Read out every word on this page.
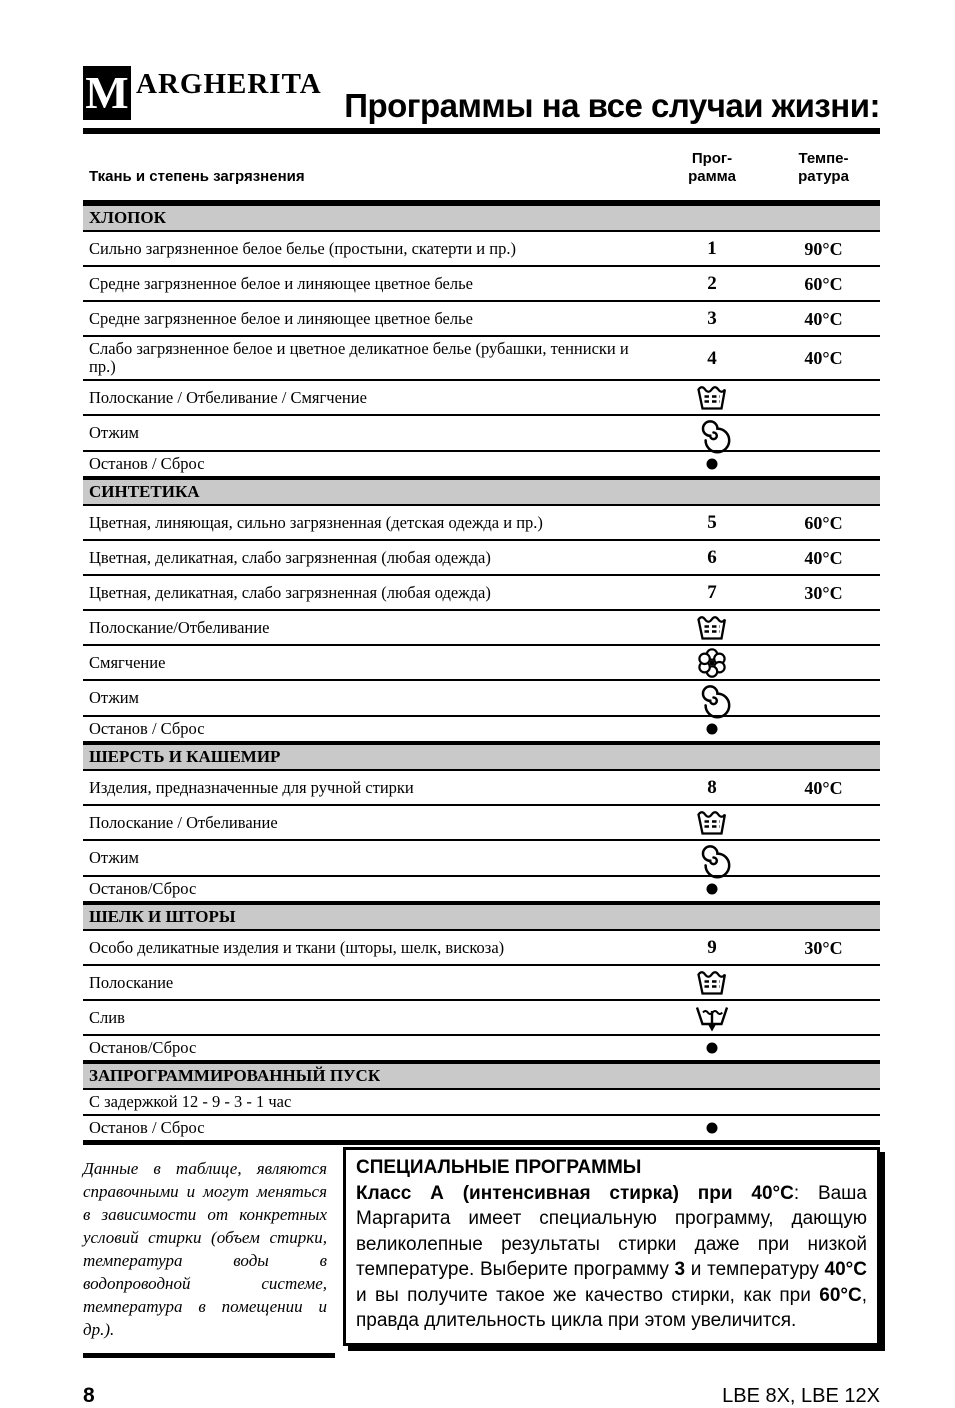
M ARGHERITA
Программы на все случаи жизни:
Ткань и степень загрязнения
Прог-
рамма
Темпе-
ратура
ХЛОПОК
Сильно загрязненное белое белье (простыни, скатерти и пр.)	1	90°C
Средне загрязненное белое и линяющее цветное белье	2	60°C
Средне загрязненное белое и линяющее цветное белье	3	40°C
Слабо загрязненное белое и цветное деликатное белье (рубашки, тенниски и пр.)	4	40°C
Полоскание / Отбеливание / Смягчение
Отжим
Останов / Сброс
СИНТЕТИКА
Цветная, линяющая, сильно загрязненная (детская одежда и пр.)	5	60°C
Цветная, деликатная, слабо загрязненная (любая одежда)	6	40°C
Цветная, деликатная, слабо загрязненная (любая одежда)	7	30°C
Полоскание/Отбеливание
Смягчение
Отжим
Останов / Сброс
ШЕРСТЬ И КАШЕМИР
Изделия, предназначенные для ручной стирки	8	40°C
Полоскание / Отбеливание
Отжим
Останов/Сброс
ШЕЛК И ШТОРЫ
Особо деликатные изделия и ткани (шторы, шелк, вискоза)	9	30°C
Полоскание
Слив
Останов/Сброс
ЗАПРОГРАММИРОВАННЫЙ ПУСК
С задержкой 12 - 9 - 3 - 1 час
Останов / Сброс
Данные в таблице, являются справочными и могут меняться в зависимости от конкретных условий стирки (объем стирки, температура воды в водопроводной системе, температура в помещении и др.).
СПЕЦИАЛЬНЫЕ ПРОГРАММЫ
Класс А (интенсивная стирка) при 40°С: Ваша Маргарита имеет специальную программу, дающую великолепные результаты стирки даже при низкой температуре. Выберите программу 3 и температуру 40°С и вы получите такое же качество стирки, как при 60°С, правда длительность цикла при этом увеличится.
8	LBE 8X, LBE 12X
